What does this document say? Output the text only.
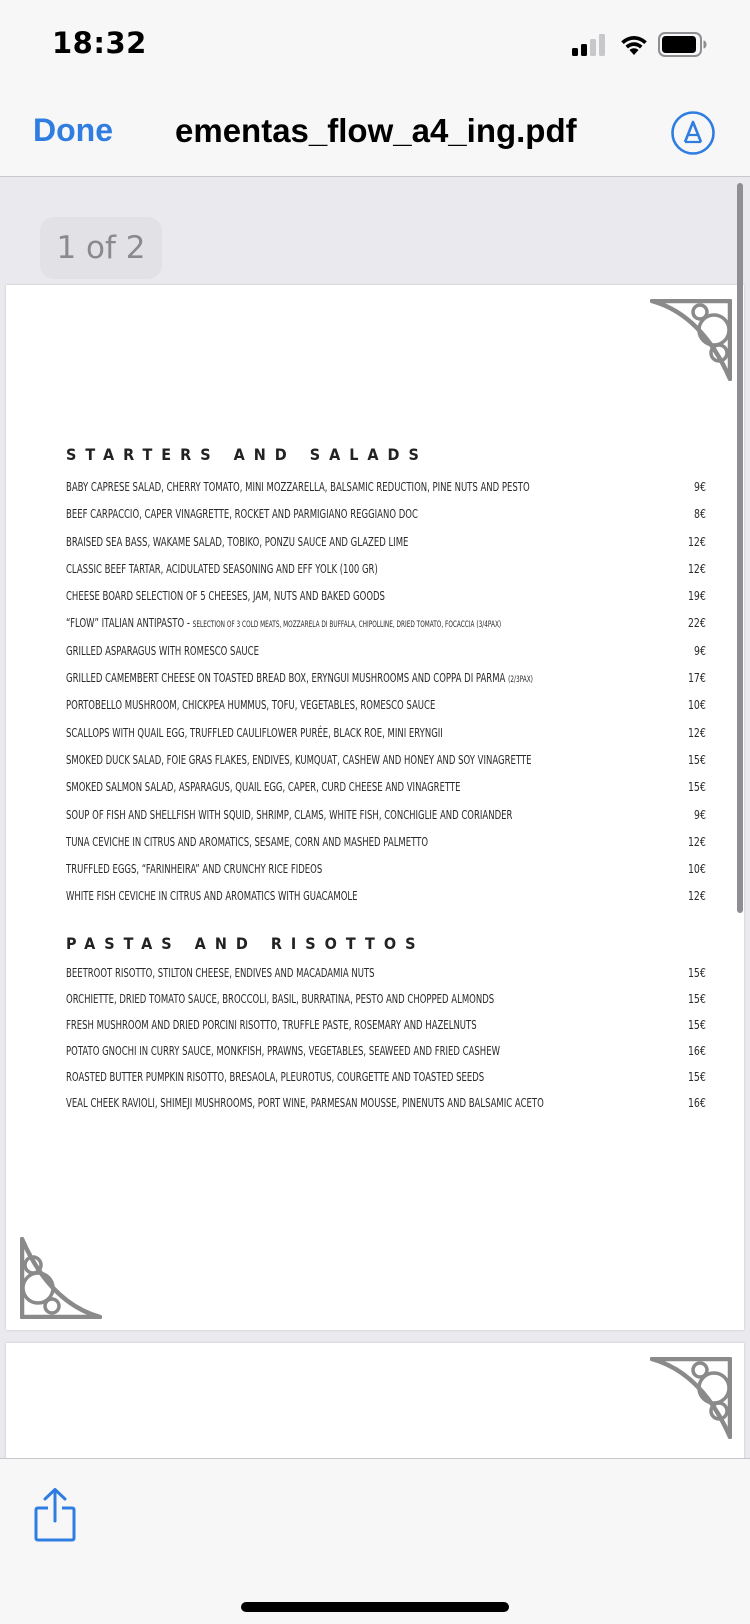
18:32
Done ementas_flow_a4_ing.pdf
1 of 2
STARTERS AND SALADS
BABY CAPRESE SALAD, CHERRY TOMATO, MINI MOZZARELLA, BALSAMIC REDUCTION, PINE NUTS AND PESTO	9€
BEEF CARPACCIO, CAPER VINAGRETTE, ROCKET AND PARMIGIANO REGGIANO DOC	8€
BRAISED SEA BASS, WAKAME SALAD, TOBIKO, PONZU SAUCE AND GLAZED LIME	12€
CLASSIC BEEF TARTAR, ACIDULATED SEASONING AND EFF YOLK (100 GR)	12€
CHEESE BOARD SELECTION OF 5 CHEESES, JAM, NUTS AND BAKED GOODS	19€
“FLOW” ITALIAN ANTIPASTO - SELECTION OF 3 COLD MEATS, MOZZARELA DI BUFFALA, CHIPOLLINE, DRIED TOMATO, FOCACCIA (3/4PAX)	22€
GRILLED ASPARAGUS WITH ROMESCO SAUCE	9€
GRILLED CAMEMBERT CHEESE ON TOASTED BREAD BOX, ERYNGUI MUSHROOMS AND COPPA DI PARMA (2/3PAX)	17€
PORTOBELLO MUSHROOM, CHICKPEA HUMMUS, TOFU, VEGETABLES, ROMESCO SAUCE	10€
SCALLOPS WITH QUAIL EGG, TRUFFLED CAULIFLOWER PURÉE, BLACK ROE, MINI ERYNGII	12€
SMOKED DUCK SALAD, FOIE GRAS FLAKES, ENDIVES, KUMQUAT, CASHEW AND HONEY AND SOY VINAGRETTE	15€
SMOKED SALMON SALAD, ASPARAGUS, QUAIL EGG, CAPER, CURD CHEESE AND VINAGRETTE	15€
SOUP OF FISH AND SHELLFISH WITH SQUID, SHRIMP, CLAMS, WHITE FISH, CONCHIGLIE AND CORIANDER	9€
TUNA CEVICHE IN CITRUS AND AROMATICS, SESAME, CORN AND MASHED PALMETTO	12€
TRUFFLED EGGS, “FARINHEIRA” AND CRUNCHY RICE FIDEOS	10€
WHITE FISH CEVICHE IN CITRUS AND AROMATICS WITH GUACAMOLE	12€
PASTAS AND RISOTTOS
BEETROOT RISOTTO, STILTON CHEESE, ENDIVES AND MACADAMIA NUTS	15€
ORCHIETTE, DRIED TOMATO SAUCE, BROCCOLI, BASIL, BURRATINA, PESTO AND CHOPPED ALMONDS	15€
FRESH MUSHROOM AND DRIED PORCINI RISOTTO, TRUFFLE PASTE, ROSEMARY AND HAZELNUTS	15€
POTATO GNOCHI IN CURRY SAUCE, MONKFISH, PRAWNS, VEGETABLES, SEAWEED AND FRIED CASHEW	16€
ROASTED BUTTER PUMPKIN RISOTTO, BRESAOLA, PLEUROTUS, COURGETTE AND TOASTED SEEDS	15€
VEAL CHEEK RAVIOLI, SHIMEJI MUSHROOMS, PORT WINE, PARMESAN MOUSSE, PINENUTS AND BALSAMIC ACETO	16€
